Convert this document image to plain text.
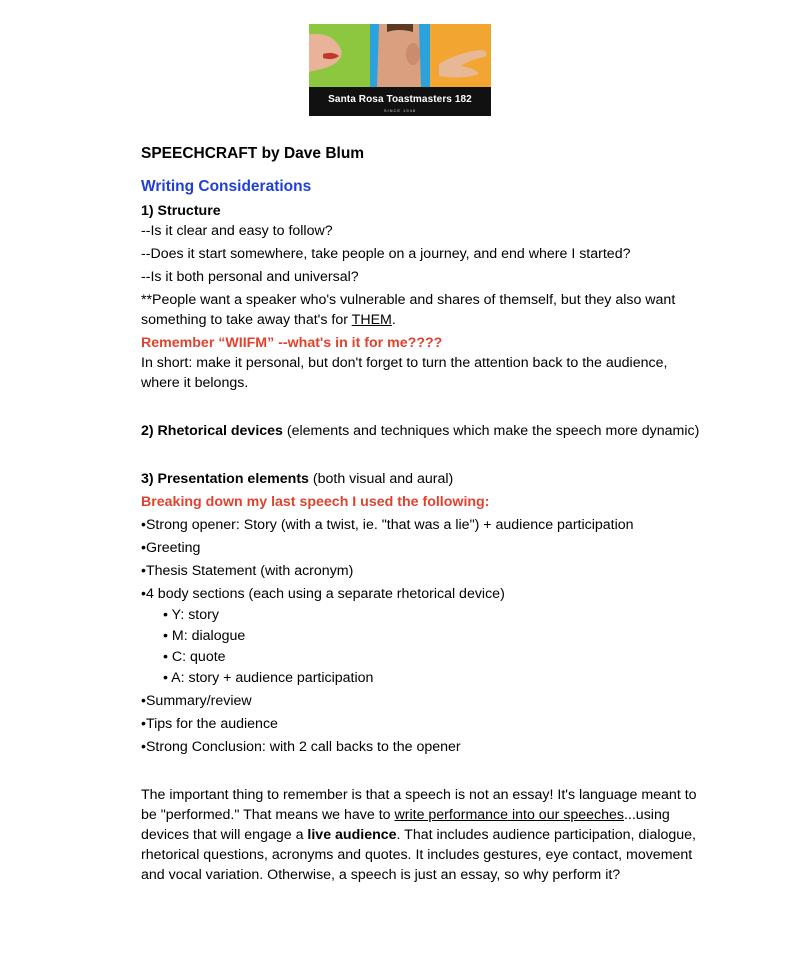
Santa Rosa Toastmasters 182
SINCE 1948

SPEECHCRAFT by Dave Blum

Writing Considerations

1) Structure

--Is it clear and easy to follow?

--Does it start somewhere, take people on a journey, and end where I started?

--Is it both personal and universal?

**People want a speaker who's vulnerable and shares of themself, but they also want something to take away that's for THEM.

Remember “WIIFM” --what's in it for me????

In short: make it personal, but don't forget to turn the attention back to the audience, where it belongs.

2) Rhetorical devices (elements and techniques which make the speech more dynamic)

3) Presentation elements (both visual and aural)

Breaking down my last speech I used the following:

•Strong opener: Story (with a twist, ie. "that was a lie") + audience participation

•Greeting

•Thesis Statement (with acronym)

•4 body sections (each using a separate rhetorical device)

• Y: story

• M: dialogue

• C: quote

• A: story + audience participation

•Summary/review

•Tips for the audience

•Strong Conclusion: with 2 call backs to the opener

The important thing to remember is that a speech is not an essay! It's language meant to be "performed." That means we have to write performance into our speeches...using devices that will engage a live audience. That includes audience participation, dialogue, rhetorical questions, acronyms and quotes. It includes gestures, eye contact, movement and vocal variation. Otherwise, a speech is just an essay, so why perform it?
